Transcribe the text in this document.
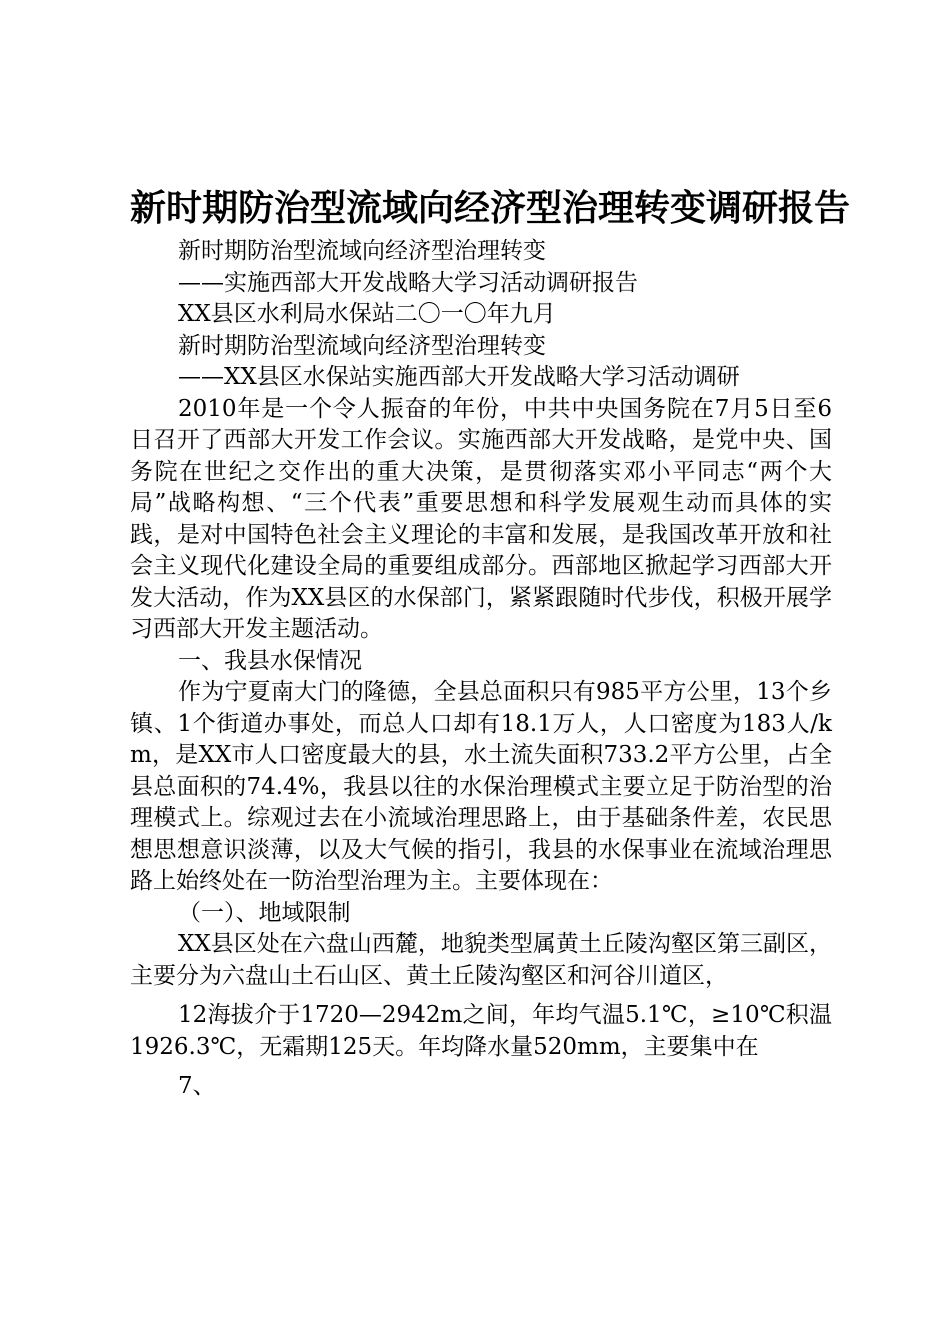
新时期防治型流域向经济型治理转变调研报告

新时期防治型流域向经济型治理转变

——实施西部大开发战略大学习活动调研报告

XX县区水利局水保站二〇一〇年九月

新时期防治型流域向经济型治理转变

——XX县区水保站实施西部大开发战略大学习活动调研

2010年是一个令人振奋的年份，中共中央国务院在7月5日至6日召开了西部大开发工作会议。实施西部大开发战略，是党中央、国务院在世纪之交作出的重大决策，是贯彻落实邓小平同志“两个大局”战略构想、“三个代表”重要思想和科学发展观生动而具体的实践，是对中国特色社会主义理论的丰富和发展，是我国改革开放和社会主义现代化建设全局的重要组成部分。西部地区掀起学习西部大开发大活动，作为XX县区的水保部门，紧紧跟随时代步伐，积极开展学习西部大开发主题活动。

一、我县水保情况

作为宁夏南大门的隆德，全县总面积只有985平方公里，13个乡镇、1个街道办事处，而总人口却有18.1万人，人口密度为183人/km，是XX市人口密度最大的县，水土流失面积733.2平方公里，占全县总面积的74.4%，我县以往的水保治理模式主要立足于防治型的治理模式上。综观过去在小流域治理思路上，由于基础条件差，农民思想思想意识淡薄，以及大气候的指引，我县的水保事业在流域治理思路上始终处在一防治型治理为主。主要体现在：

（一）、地域限制

XX县区处在六盘山西麓，地貌类型属黄土丘陵沟壑区第三副区，主要分为六盘山土石山区、黄土丘陵沟壑区和河谷川道区，

12海拔介于1720—2942m之间，年均气温5.1℃，≥10℃积温1926.3℃，无霜期125天。年均降水量520mm，主要集中在

7、
